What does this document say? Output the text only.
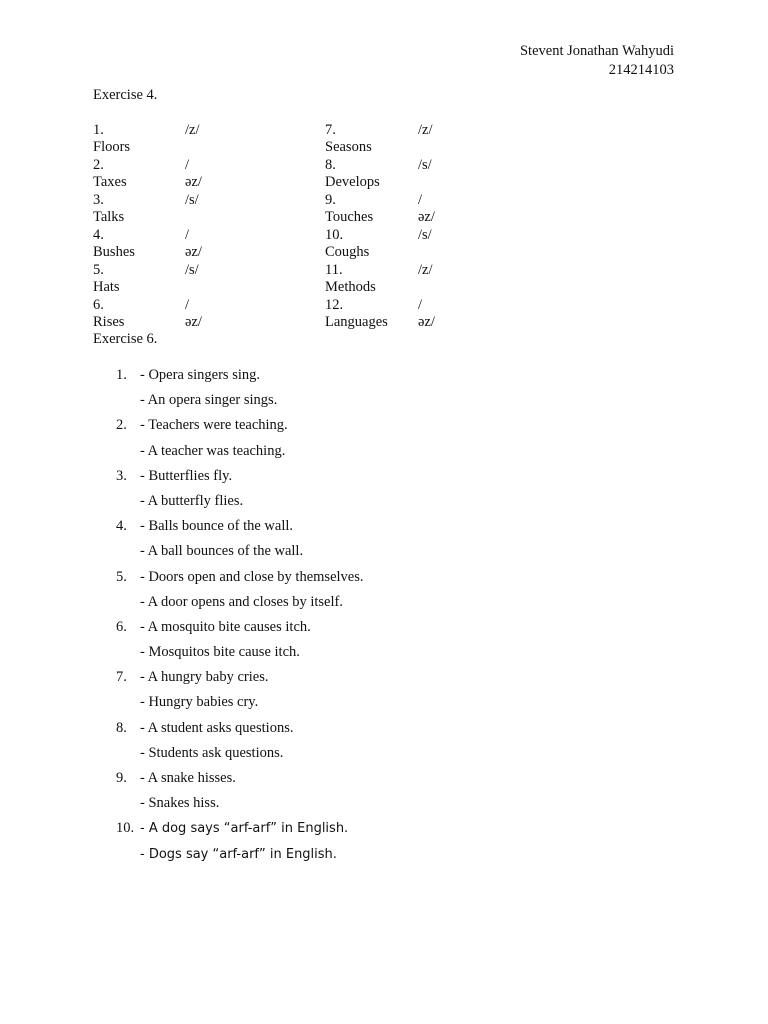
Stevent Jonathan Wahyudi
214214103
Exercise 4.
1. Floors
/z/
2. Taxes
/əz/
3. Talks
/s/
4. Bushes
/əz/
5. Hats
/s/
6. Rises
/əz/
7. Seasons
/z/
8. Develops
/s/
9. Touches
/əz/
10. Coughs
/s/
11. Methods
/z/
12. Languages
/əz/
Exercise 6.
1. - Opera singers sing.
- An opera singer sings.
2. - Teachers were teaching.
- A teacher was teaching.
3. - Butterflies fly.
- A butterfly flies.
4. - Balls bounce of the wall.
- A ball bounces of the wall.
5. - Doors open and close by themselves.
- A door opens and closes by itself.
6. - A mosquito bite causes itch.
- Mosquitos bite cause itch.
7. - A hungry baby cries.
- Hungry babies cry.
8. - A student asks questions.
- Students ask questions.
9. - A snake hisses.
- Snakes hiss.
10. - A dog says “arf-arf” in English.
- Dogs say “arf-arf” in English.
